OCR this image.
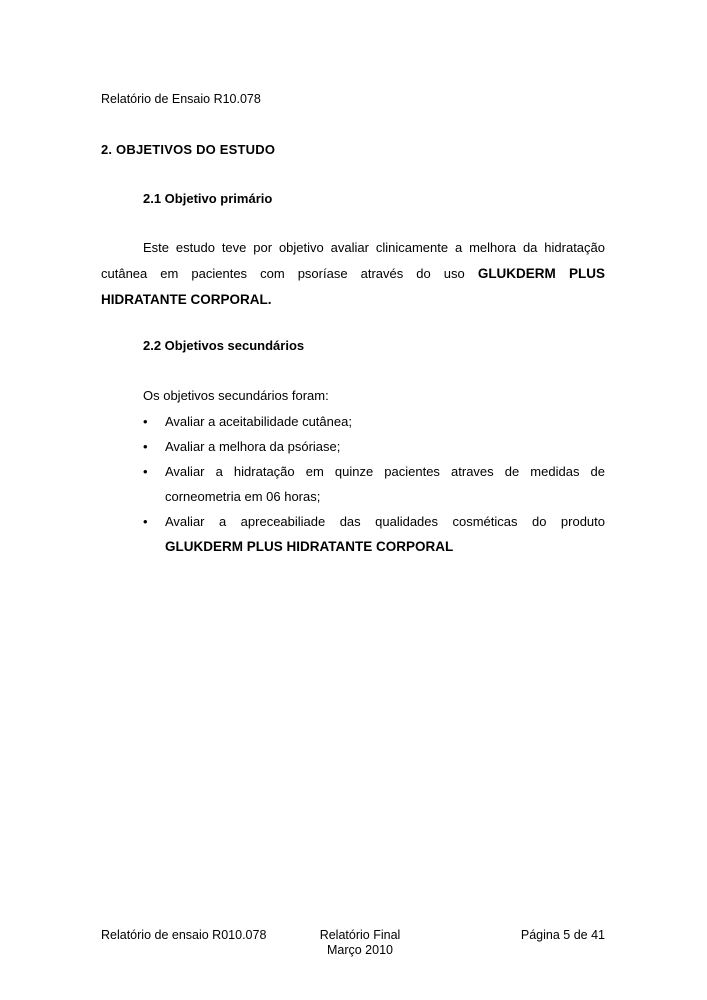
Relatório de Ensaio R10.078

2. OBJETIVOS DO ESTUDO

2.1 Objetivo primário

Este estudo teve por objetivo avaliar clinicamente a melhora da hidratação cutânea em pacientes com psoríase através do uso GLUKDERM PLUS HIDRATANTE CORPORAL.

2.2 Objetivos secundários

Os objetivos secundários foram:

• Avaliar a aceitabilidade cutânea;
• Avaliar a melhora da psóriase;
• Avaliar a hidratação em quinze pacientes atraves de medidas de corneometria em 06 horas;
• Avaliar a apreceabiliade das qualidades cosméticas do produto GLUKDERM PLUS HIDRATANTE CORPORAL

Relatório de ensaio R010.078	Relatório Final
Março 2010

Página 5 de 41
